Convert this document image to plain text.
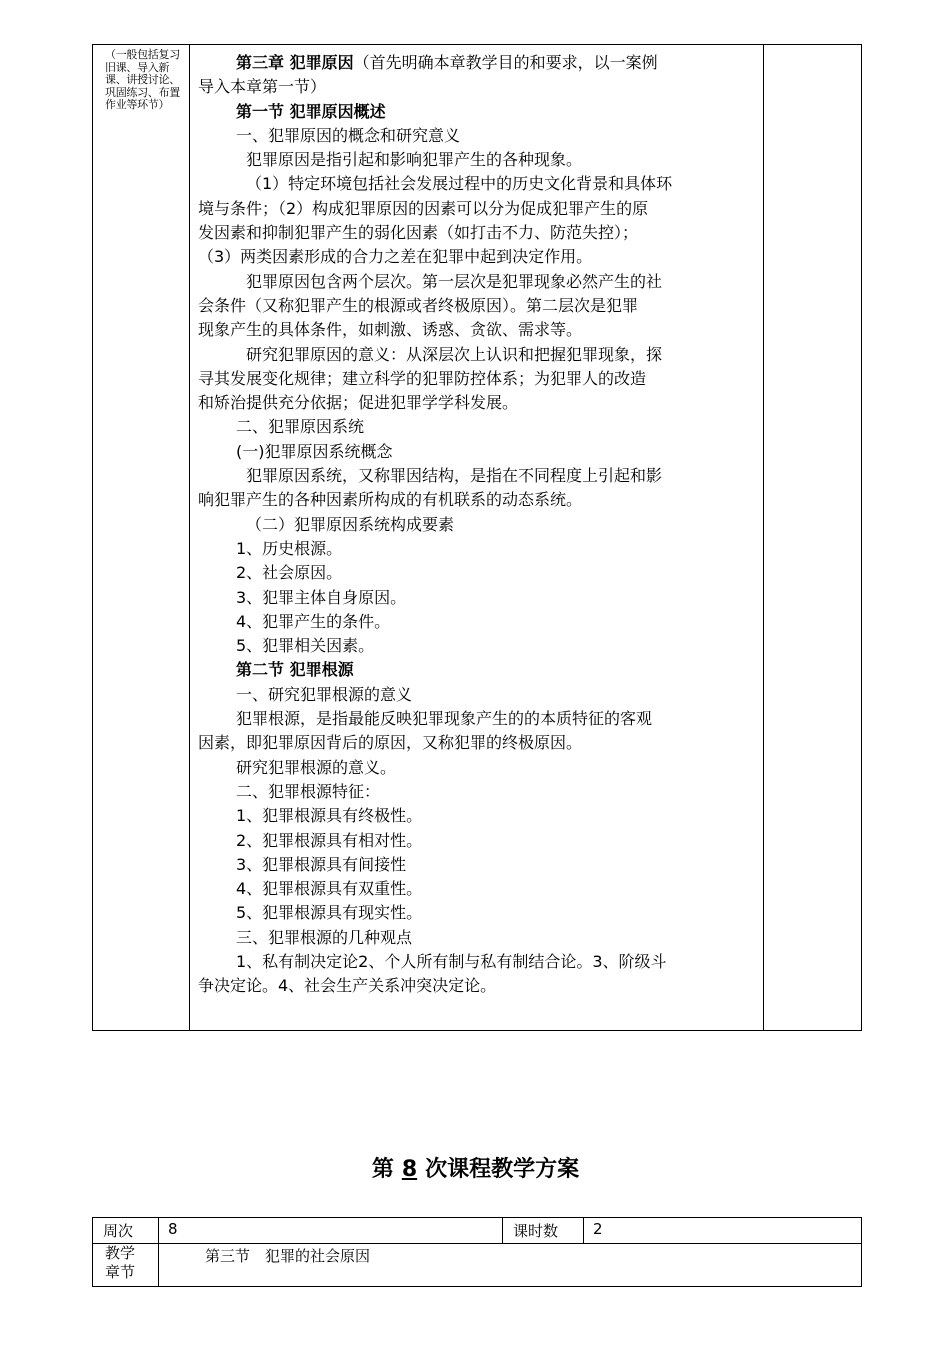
（一般包括复习旧课、导入新课、讲授讨论、巩固练习、布置作业等环节）

第三章 犯罪原因（首先明确本章教学目的和要求，以一案例

导入本章第一节）

第一节 犯罪原因概述

一、犯罪原因的概念和研究意义

犯罪原因是指引起和影响犯罪产生的各种现象。

（1）特定环境包括社会发展过程中的历史文化背景和具体环

境与条件；（2）构成犯罪原因的因素可以分为促成犯罪产生的原

发因素和抑制犯罪产生的弱化因素（如打击不力、防范失控）；

（3）两类因素形成的合力之差在犯罪中起到决定作用。

犯罪原因包含两个层次。第一层次是犯罪现象必然产生的社

会条件（又称犯罪产生的根源或者终极原因）。第二层次是犯罪

现象产生的具体条件，如刺激、诱惑、贪欲、需求等。

研究犯罪原因的意义：从深层次上认识和把握犯罪现象，探

寻其发展变化规律；建立科学的犯罪防控体系；为犯罪人的改造

和矫治提供充分依据；促进犯罪学学科发展。

二、犯罪原因系统

(一)犯罪原因系统概念

犯罪原因系统，又称罪因结构，是指在不同程度上引起和影

响犯罪产生的各种因素所构成的有机联系的动态系统。

（二）犯罪原因系统构成要素

1、历史根源。

2、社会原因。

3、犯罪主体自身原因。

4、犯罪产生的条件。

5、犯罪相关因素。

第二节 犯罪根源

一、研究犯罪根源的意义

犯罪根源，是指最能反映犯罪现象产生的的本质特征的客观

因素，即犯罪原因背后的原因，又称犯罪的终极原因。

研究犯罪根源的意义。

二、犯罪根源特征：

1、犯罪根源具有终极性。

2、犯罪根源具有相对性。

3、犯罪根源具有间接性

4、犯罪根源具有双重性。

5、犯罪根源具有现实性。

三、犯罪根源的几种观点

1、私有制决定论2、个人所有制与私有制结合论。3、阶级斗

争决定论。4、社会生产关系冲突决定论。

第 8 次课程教学方案
周次 8	课时数 2
教学
章节
第三节　犯罪的社会原因
